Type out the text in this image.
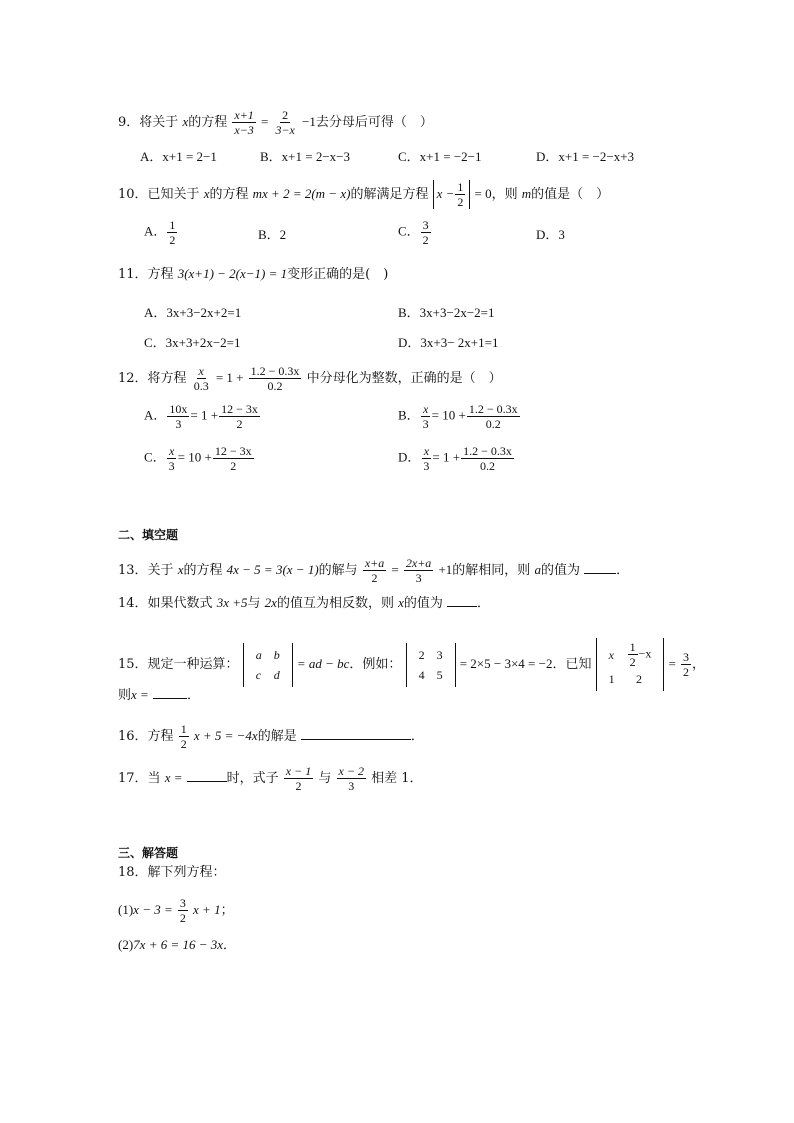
9．将关于 x的方程 $\frac{x+1}{x-3} = \frac{2}{3-x} -1$去分母后可得（　）
A．x+1 = 2−1	B．x+1 = 2−x−3	C．x+1 = −2−1	D．x+1 = −2−x+3
10．已知关于 x的方程 mx + 2 = 2(m − x)的解满足方程 $x - \frac{1}{2} = 0$，则 m的值是（　）
A． $\frac{1}{2}$	B．2	C． $\frac{3}{2}$	D．3
11．方程 3(x+1) − 2(x−1) = 1变形正确的是(　)
A．3x+3−2x+2=1	B．3x+3−2x−2=1
C．3x+3+2x−2=1	D．3x+3− 2x+1=1
12．将方程 $\frac{x}{0.3} = 1 + \frac{1.2 - 0.3x}{0.2}$ 中分母化为整数，正确的是（　）
A． $\frac{10x}{3} = 1 + \frac{12 - 3x}{2}$	B． $\frac{x}{3} = 10 + \frac{1.2 - 0.3x}{0.2}$
C． $\frac{x}{3} = 10 + \frac{12 - 3x}{2}$	D． $\frac{x}{3} = 1 + \frac{1.2 - 0.3x}{0.2}$
二、填空题
13．关于 x的方程 4x − 5 = 3(x − 1)的解与 $\frac{x+a}{2} = \frac{2x+a}{3} +1$的解相同，则 a的值为	．
14．如果代数式 3x +5与 2x的值互为相反数，则 x的值为	．
15．规定一种运算：
a	b
c	d
= ad − bc．例如：
2	3
4	5
= 2×5 − 3×4 = −2．已知
x	$\frac{1}{2} -x$
1	2
= $\frac{3}{2}$ ，
则x =	．
16．方程 $\frac{1}{2}$ x + 5 = −4x的解是	．
17．当 x =	时，式子 $\frac{x - 1}{2}$ 与 $\frac{x - 2}{3}$ 相差 1．
三、解答题
18．解下列方程：
$(1)x - 3 = \frac{3}{2}$ x + 1；
(2)7x + 6 = 16 − 3x．
